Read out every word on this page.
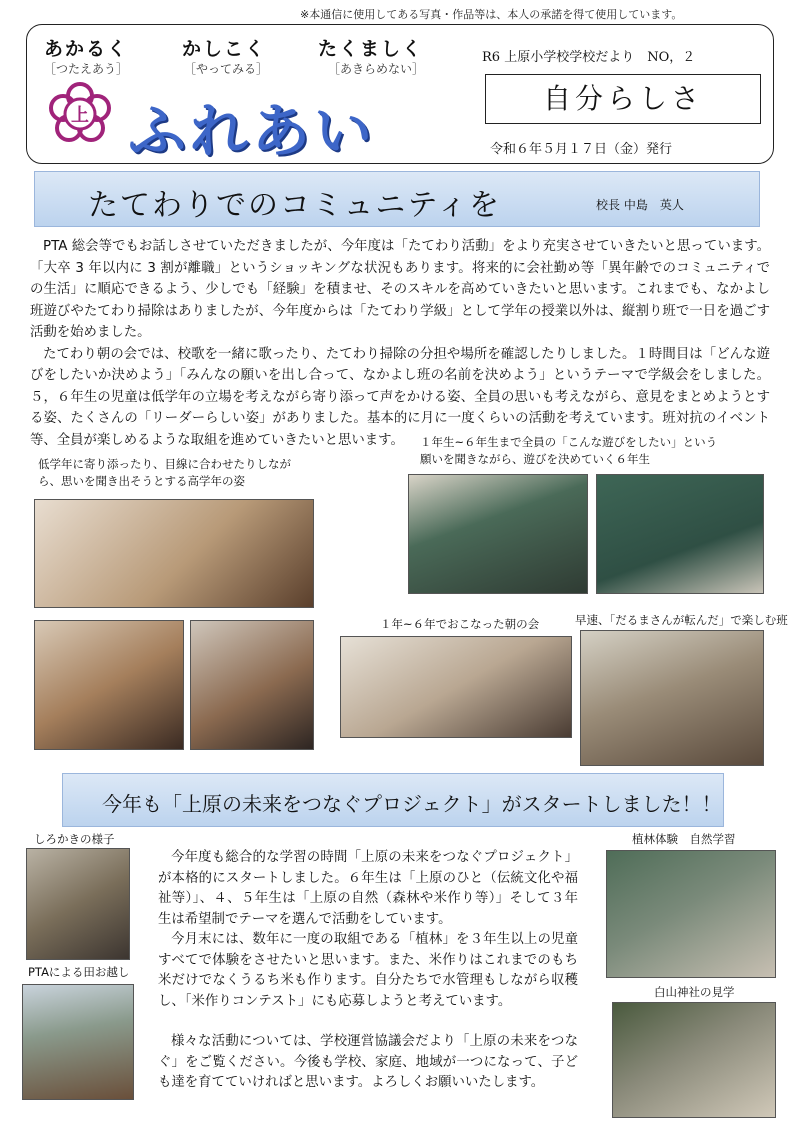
※本通信に使用してある写真・作品等は、本人の承諾を得て使用しています。
あかるく
［つたえあう］
かしこく
［やってみる］
たくましく
［あきらめない］
上 ふれあい
R6 上原小学校学校だより　NO，２
自分らしさ
令和６年５月１７日（金）発行
たてわりでのコミュニティを	校長 中島　英人

PTA 総会等でもお話しさせていただきましたが、今年度は「たてわり活動」をより充実させていきたいと思っています。「大卒 3 年以内に 3 割が離職」というショッキングな状況もあります。将来的に会社勤め等「異年齢でのコミュニティでの生活」に順応できるよう、少しでも「経験」を積ませ、そのスキルを高めていきたいと思います。これまでも、なかよし班遊びやたてわり掃除はありましたが、今年度からは「たてわり学級」として学年の授業以外は、縦割り班で一日を過ごす活動を始めました。

たてわり朝の会では、校歌を一緒に歌ったり、たてわり掃除の分担や場所を確認したりしました。１時間目は「どんな遊びをしたいか決めよう」「みんなの願いを出し合って、なかよし班の名前を決めよう」というテーマで学級会をしました。５，６年生の児童は低学年の立場を考えながら寄り添って声をかける姿、全員の思いも考えながら、意見をまとめようとする姿、たくさんの「リーダーらしい姿」がありました。基本的に月に一度くらいの活動を考えています。班対抗のイベント等、全員が楽しめるような取組を進めていきたいと思います。

低学年に寄り添ったり、目線に合わせたりしなが
ら、思いを聞き出そうとする高学年の姿
１年生~６年生まで全員の「こんな遊びをしたい」という
願いを聞きながら、遊びを決めていく６年生
１年~６年でおこなった朝の会	早速、「だるまさんが転んだ」で楽しむ班
今年も「上原の未来をつなぐプロジェクト」がスタートしました！！
しろかきの様子
PTAによる田お越し

今年度も総合的な学習の時間「上原の未来をつなぐプロジェクト」が本格的にスタートしました。６年生は「上原のひと（伝統文化や福祉等）」、４、５年生は「上原の自然（森林や米作り等）」そして３年生は希望制でテーマを選んで活動をしています。

今月末には、数年に一度の取組である「植林」を３年生以上の児童すべてで体験をさせたいと思います。また、米作りはこれまでのもち米だけでなくうるち米も作ります。自分たちで水管理もしながら収穫し、「米作りコンテスト」にも応募しようと考えています。

様々な活動については、学校運営協議会だより「上原の未来をつなぐ」をご覧ください。今後も学校、家庭、地域が一つになって、子ども達を育てていければと思います。よろしくお願いいたします。

植林体験　自然学習
白山神社の見学
